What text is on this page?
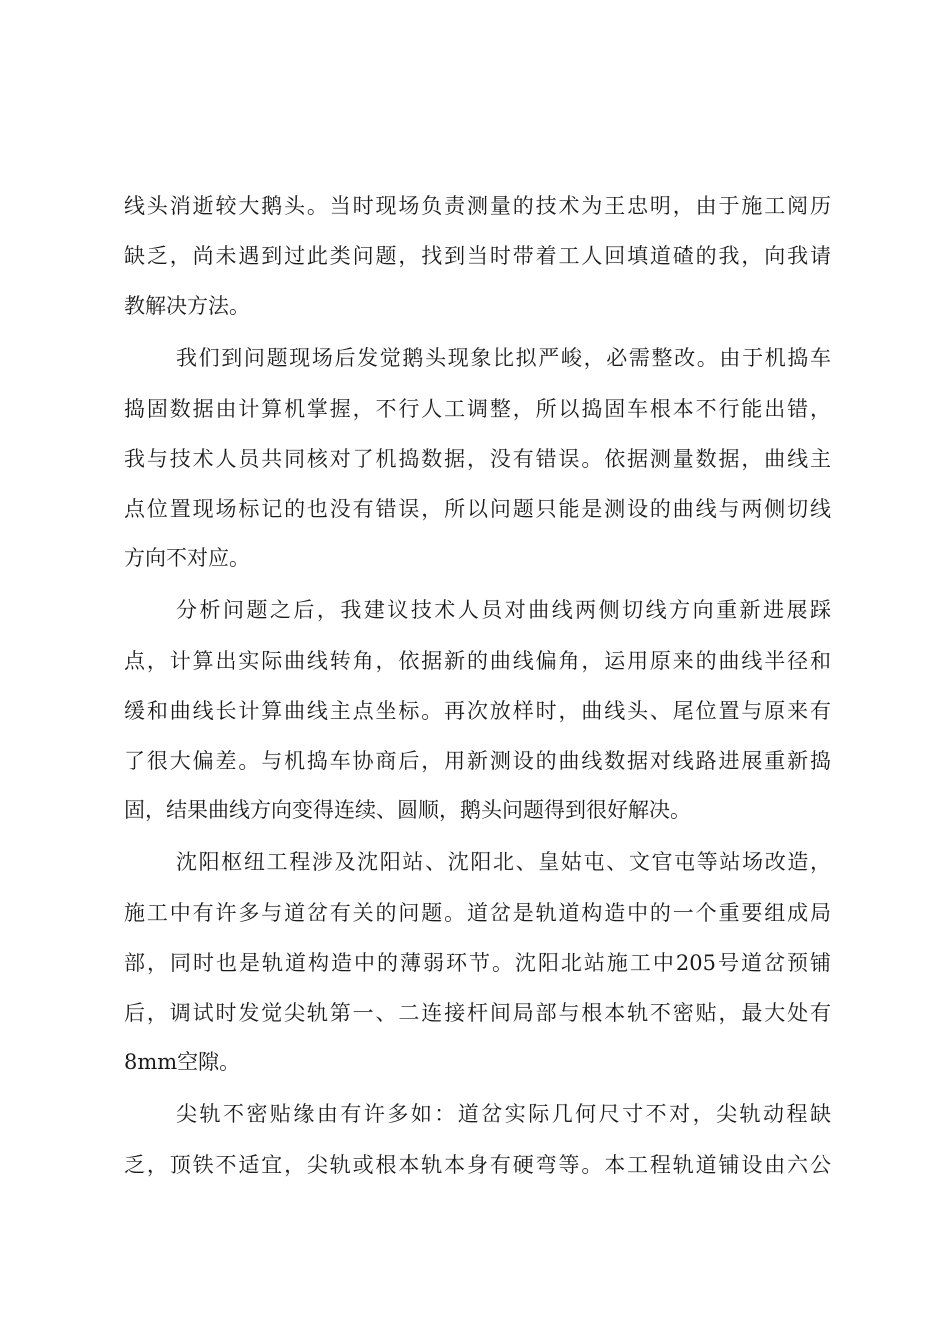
线头消逝较大鹅头。当时现场负责测量的技术为王忠明，由于施工阅历

缺乏，尚未遇到过此类问题，找到当时带着工人回填道碴的我，向我请

教解决方法。

我们到问题现场后发觉鹅头现象比拟严峻，必需整改。由于机捣车

捣固数据由计算机掌握，不行人工调整，所以捣固车根本不行能出错，

我与技术人员共同核对了机捣数据，没有错误。依据测量数据，曲线主

点位置现场标记的也没有错误，所以问题只能是测设的曲线与两侧切线

方向不对应。

分析问题之后，我建议技术人员对曲线两侧切线方向重新进展踩

点，计算出实际曲线转角，依据新的曲线偏角，运用原来的曲线半径和

缓和曲线长计算曲线主点坐标。再次放样时，曲线头、尾位置与原来有

了很大偏差。与机捣车协商后，用新测设的曲线数据对线路进展重新捣

固，结果曲线方向变得连续、圆顺，鹅头问题得到很好解决。

沈阳枢纽工程涉及沈阳站、沈阳北、皇姑屯、文官屯等站场改造，

施工中有许多与道岔有关的问题。道岔是轨道构造中的一个重要组成局

部，同时也是轨道构造中的薄弱环节。沈阳北站施工中205号道岔预铺

后，调试时发觉尖轨第一、二连接杆间局部与根本轨不密贴，最大处有

8mm空隙。

尖轨不密贴缘由有许多如：道岔实际几何尺寸不对，尖轨动程缺

乏，顶铁不适宜，尖轨或根本轨本身有硬弯等。本工程轨道铺设由六公
